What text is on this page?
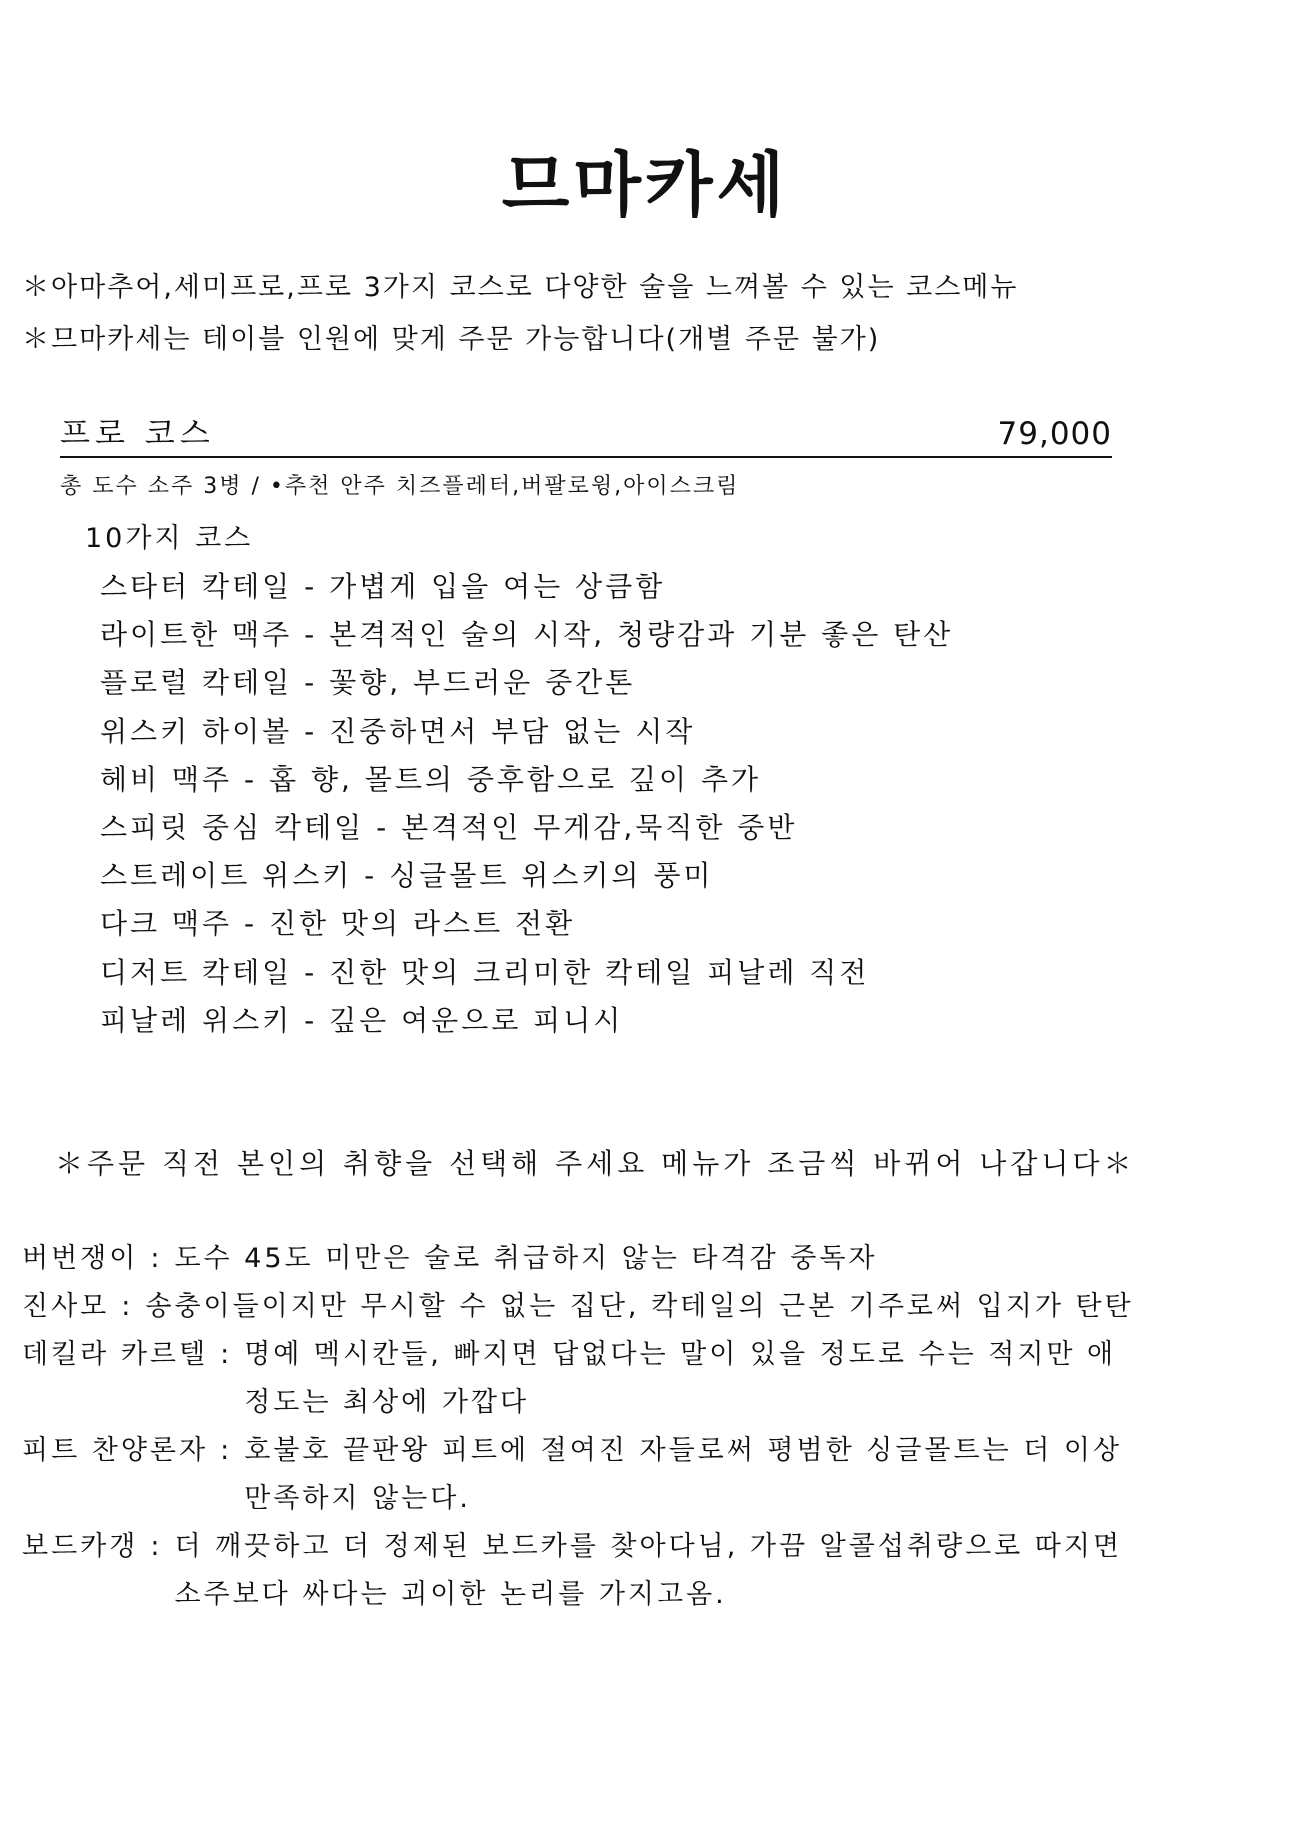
므마카세
＊아마추어,세미프로,프로 3가지 코스로 다양한 술을 느껴볼 수 있는 코스메뉴
＊므마카세는 테이블 인원에 맞게 주문 가능합니다(개별 주문 불가)
프로 코스	79,000
총 도수 소주 3병 / •추천 안주 치즈플레터,버팔로윙,아이스크림
10가지 코스
스타터 칵테일 - 가볍게 입을 여는 상큼함
라이트한 맥주 - 본격적인 술의 시작, 청량감과 기분 좋은 탄산
플로럴 칵테일 - 꽃향, 부드러운 중간톤
위스키 하이볼 - 진중하면서 부담 없는 시작
헤비 맥주 - 홉 향, 몰트의 중후함으로 깊이 추가
스피릿 중심 칵테일 - 본격적인 무게감,묵직한 중반
스트레이트 위스키 - 싱글몰트 위스키의 풍미
다크 맥주 - 진한 맛의 라스트 전환
디저트 칵테일 - 진한 맛의 크리미한 칵테일 피날레 직전
피날레 위스키 - 깊은 여운으로 피니시
＊주문 직전 본인의 취향을 선택해 주세요 메뉴가 조금씩 바뀌어 나갑니다＊
버번쟁이 : 도수 45도 미만은 술로 취급하지 않는 타격감 중독자
진사모 : 송충이들이지만 무시할 수 없는 집단, 칵테일의 근본 기주로써 입지가 탄탄
데킬라 카르텔 : 명예 멕시칸들, 빠지면 답없다는 말이 있을 정도로 수는 적지만 애
정도는 최상에 가깝다
피트 찬양론자 : 호불호 끝판왕 피트에 절여진 자들로써 평범한 싱글몰트는 더 이상
만족하지 않는다.
보드카갱 : 더 깨끗하고 더 정제된 보드카를 찾아다님, 가끔 알콜섭취량으로 따지면
소주보다 싸다는 괴이한 논리를 가지고옴.
